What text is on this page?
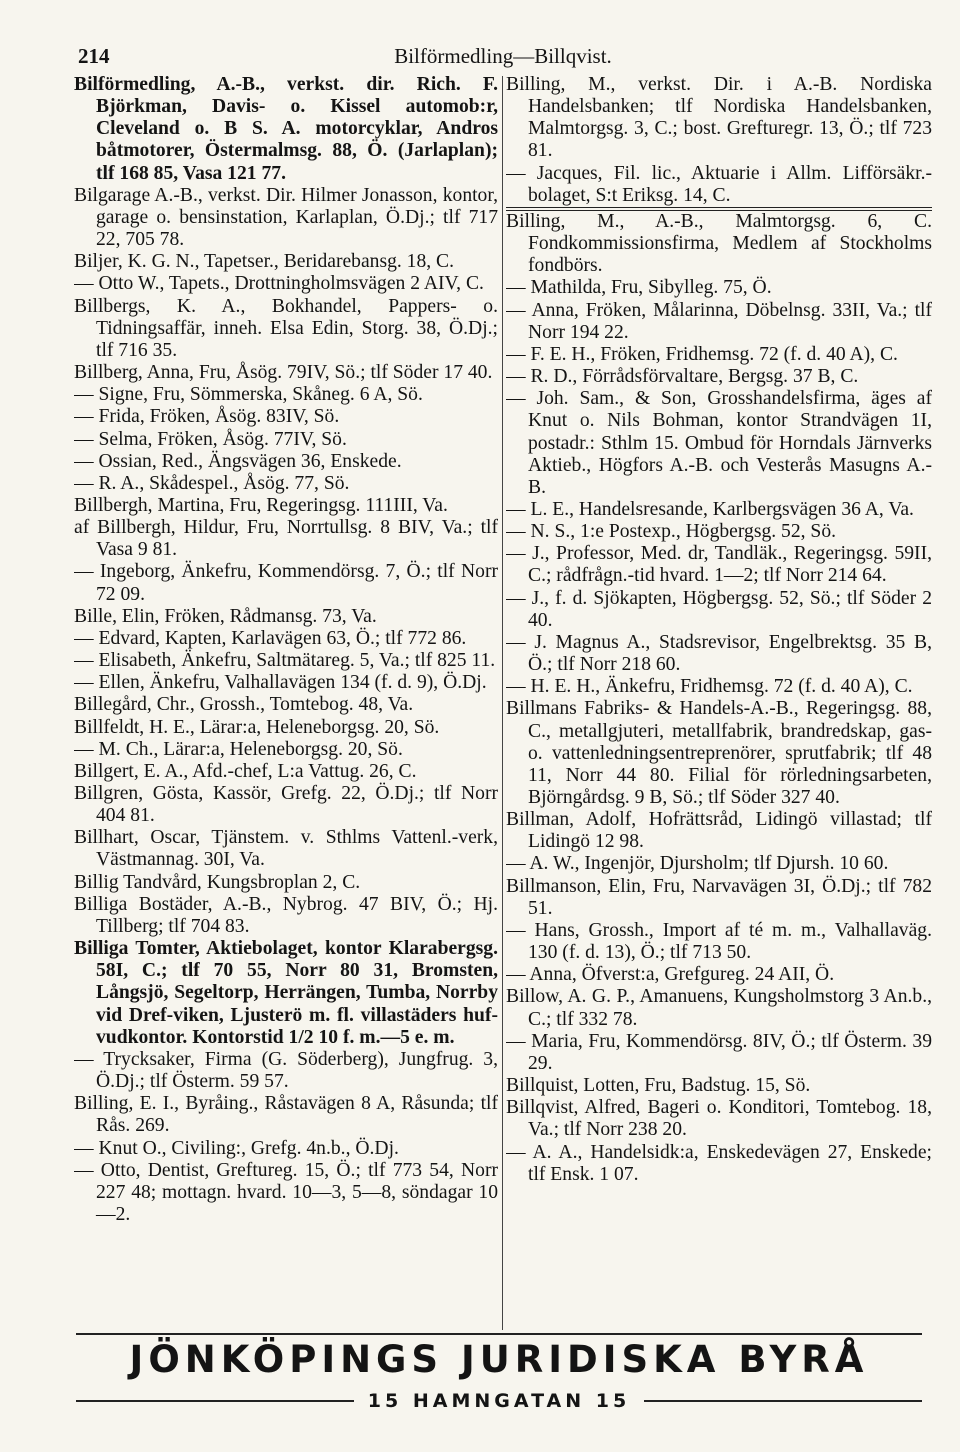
214	Bilförmedling—Billqvist.

Bilförmedling, A.-B., verkst. dir. Rich. F. Björkman, Davis- o. Kissel automob:r, Cleveland o. B S. A. motorcyklar, Andros båtmotorer, Östermalmsg. 88, Ö. (Jarlaplan); tlf 168 85, Vasa 121 77.

Bilgarage A.-B., verkst. Dir. Hilmer Jonasson, kontor, garage o. bensinstation, Karlaplan, Ö.Dj.; tlf 717 22, 705 78.

Biljer, K. G. N., Tapetser., Beridarebansg. 18, C.

— Otto W., Tapets., Drottningholmsvägen 2 AIV, C.

Billbergs, K. A., Bokhandel, Pappers- o. Tidningsaffär, inneh. Elsa Edin, Storg. 38, Ö.Dj.; tlf 716 35.

Billberg, Anna, Fru, Åsög. 79IV, Sö.; tlf Söder 17 40.

— Signe, Fru, Sömmerska, Skåneg. 6 A, Sö.

— Frida, Fröken, Åsög. 83IV, Sö.

— Selma, Fröken, Åsög. 77IV, Sö.

— Ossian, Red., Ängsvägen 36, Enskede.

— R. A., Skådespel., Åsög. 77, Sö.

Billbergh, Martina, Fru, Regeringsg. 111III, Va.

af Billbergh, Hildur, Fru, Norrtullsg. 8 BIV, Va.; tlf Vasa 9 81.

— Ingeborg, Änkefru, Kommendörsg. 7, Ö.; tlf Norr 72 09.

Bille, Elin, Fröken, Rådmansg. 73, Va.

— Edvard, Kapten, Karlavägen 63, Ö.; tlf 772 86.

— Elisabeth, Änkefru, Saltmätareg. 5, Va.; tlf 825 11.

— Ellen, Änkefru, Valhallavägen 134 (f. d. 9), Ö.Dj.

Billegård, Chr., Grossh., Tomtebog. 48, Va.

Billfeldt, H. E., Lärar:a, Heleneborgsg. 20, Sö.

— M. Ch., Lärar:a, Heleneborgsg. 20, Sö.

Billgert, E. A., Afd.-chef, L:a Vattug. 26, C.

Billgren, Gösta, Kassör, Grefg. 22, Ö.Dj.; tlf Norr 404 81.

Billhart, Oscar, Tjänstem. v. Sthlms Vattenl.-verk, Västmannag. 30I, Va.

Billig Tandvård, Kungsbroplan 2, C.

Billiga Bostäder, A.-B., Nybrog. 47 BIV, Ö.; Hj. Tillberg; tlf 704 83.

Billiga Tomter, Aktiebolaget, kontor Klarabergsg. 58I, C.; tlf 70 55, Norr 80 31, Bromsten, Långsjö, Segeltorp, Herrängen, Tumba, Norrby vid Dref-viken, Ljusterö m. fl. villastäders huf-vudkontor. Kontorstid 1/2 10 f. m.—5 e. m.

— Trycksaker, Firma (G. Söderberg), Jungfrug. 3, Ö.Dj.; tlf Österm. 59 57.

Billing, E. I., Byråing., Råstavägen 8 A, Råsunda; tlf Rås. 269.

— Knut O., Civiling:, Grefg. 4n.b., Ö.Dj.

— Otto, Dentist, Greftureg. 15, Ö.; tlf 773 54, Norr 227 48; mottagn. hvard. 10—3, 5—8, söndagar 10—2.

Billing, M., verkst. Dir. i A.-B. Nordiska Handelsbanken; tlf Nordiska Handelsbanken, Malmtorgsg. 3, C.; bost. Grefturegr. 13, Ö.; tlf 723 81.

— Jacques, Fil. lic., Aktuarie i Allm. Lifförsäkr.-bolaget, S:t Eriksg. 14, C.

Billing, M., A.-B., Malmtorgsg. 6, C. Fondkommissionsfirma, Medlem af Stockholms fondbörs.

— Mathilda, Fru, Sibylleg. 75, Ö.

— Anna, Fröken, Målarinna, Döbelnsg. 33II, Va.; tlf Norr 194 22.

— F. E. H., Fröken, Fridhemsg. 72 (f. d. 40 A), C.

— R. D., Förrådsförvaltare, Bergsg. 37 B, C.

— Joh. Sam., & Son, Grosshandelsfirma, äges af Knut o. Nils Bohman, kontor Strandvägen 1I, postadr.: Sthlm 15. Ombud för Horndals Järnverks Aktieb., Högfors A.-B. och Vesterås Masugns A.-B.

— L. E., Handelsresande, Karlbergsvägen 36 A, Va.

— N. S., 1:e Postexp., Högbergsg. 52, Sö.

— J., Professor, Med. dr, Tandläk., Regeringsg. 59II, C.; rådfrågn.-tid hvard. 1—2; tlf Norr 214 64.

— J., f. d. Sjökapten, Högbergsg. 52, Sö.; tlf Söder 2 40.

— J. Magnus A., Stadsrevisor, Engelbrektsg. 35 B, Ö.; tlf Norr 218 60.

— H. E. H., Änkefru, Fridhemsg. 72 (f. d. 40 A), C.

Billmans Fabriks- & Handels-A.-B., Regeringsg. 88, C., metallgjuteri, metallfabrik, brandredskap, gas- o. vattenledningsentreprenörer, sprutfabrik; tlf 48 11, Norr 44 80. Filial för rörledningsarbeten, Björngårdsg. 9 B, Sö.; tlf Söder 327 40.

Billman, Adolf, Hofrättsråd, Lidingö villastad; tlf Lidingö 12 98.

— A. W., Ingenjör, Djursholm; tlf Djursh. 10 60.

Billmanson, Elin, Fru, Narvavägen 3I, Ö.Dj.; tlf 782 51.

— Hans, Grossh., Import af té m. m., Valhallaväg. 130 (f. d. 13), Ö.; tlf 713 50.

— Anna, Öfverst:a, Grefgureg. 24 AII, Ö.

Billow, A. G. P., Amanuens, Kungsholmstorg 3 An.b., C.; tlf 332 78.

— Maria, Fru, Kommendörsg. 8IV, Ö.; tlf Österm. 39 29.

Billquist, Lotten, Fru, Badstug. 15, Sö.

Billqvist, Alfred, Bageri o. Konditori, Tomtebog. 18, Va.; tlf Norr 238 20.

— A. A., Handelsidk:a, Enskedevägen 27, Enskede; tlf Ensk. 1 07.

JÖNKÖPINGS JURIDISKA BYRÅ
15 HAMNGATAN 15
